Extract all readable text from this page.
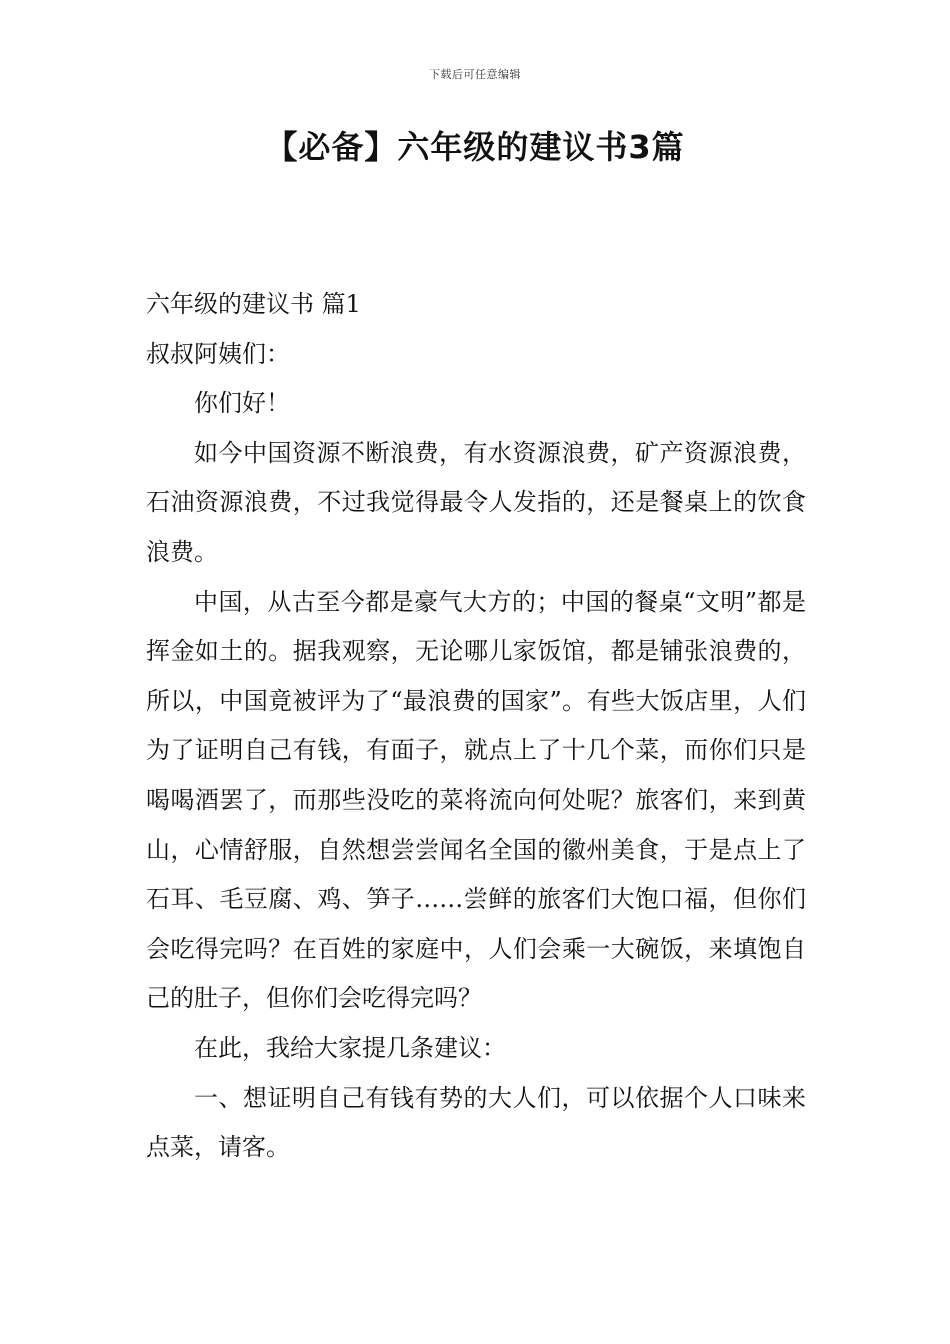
下载后可任意编辑
【必备】六年级的建议书3篇

六年级的建议书 篇1

叔叔阿姨们：

你们好！

如今中国资源不断浪费，有水资源浪费，矿产资源浪费，石油资源浪费，不过我觉得最令人发指的，还是餐桌上的饮食浪费。

中国，从古至今都是豪气大方的；中国的餐桌“文明”都是挥金如土的。据我观察，无论哪儿家饭馆，都是铺张浪费的，所以，中国竟被评为了“最浪费的国家”。有些大饭店里，人们为了证明自己有钱，有面子，就点上了十几个菜，而你们只是喝喝酒罢了，而那些没吃的菜将流向何处呢？旅客们，来到黄山，心情舒服，自然想尝尝闻名全国的徽州美食，于是点上了石耳、毛豆腐、鸡、笋子……尝鲜的旅客们大饱口福，但你们会吃得完吗？在百姓的家庭中，人们会乘一大碗饭，来填饱自己的肚子，但你们会吃得完吗？

在此，我给大家提几条建议：

一、想证明自己有钱有势的大人们，可以依据个人口味来点菜，请客。
